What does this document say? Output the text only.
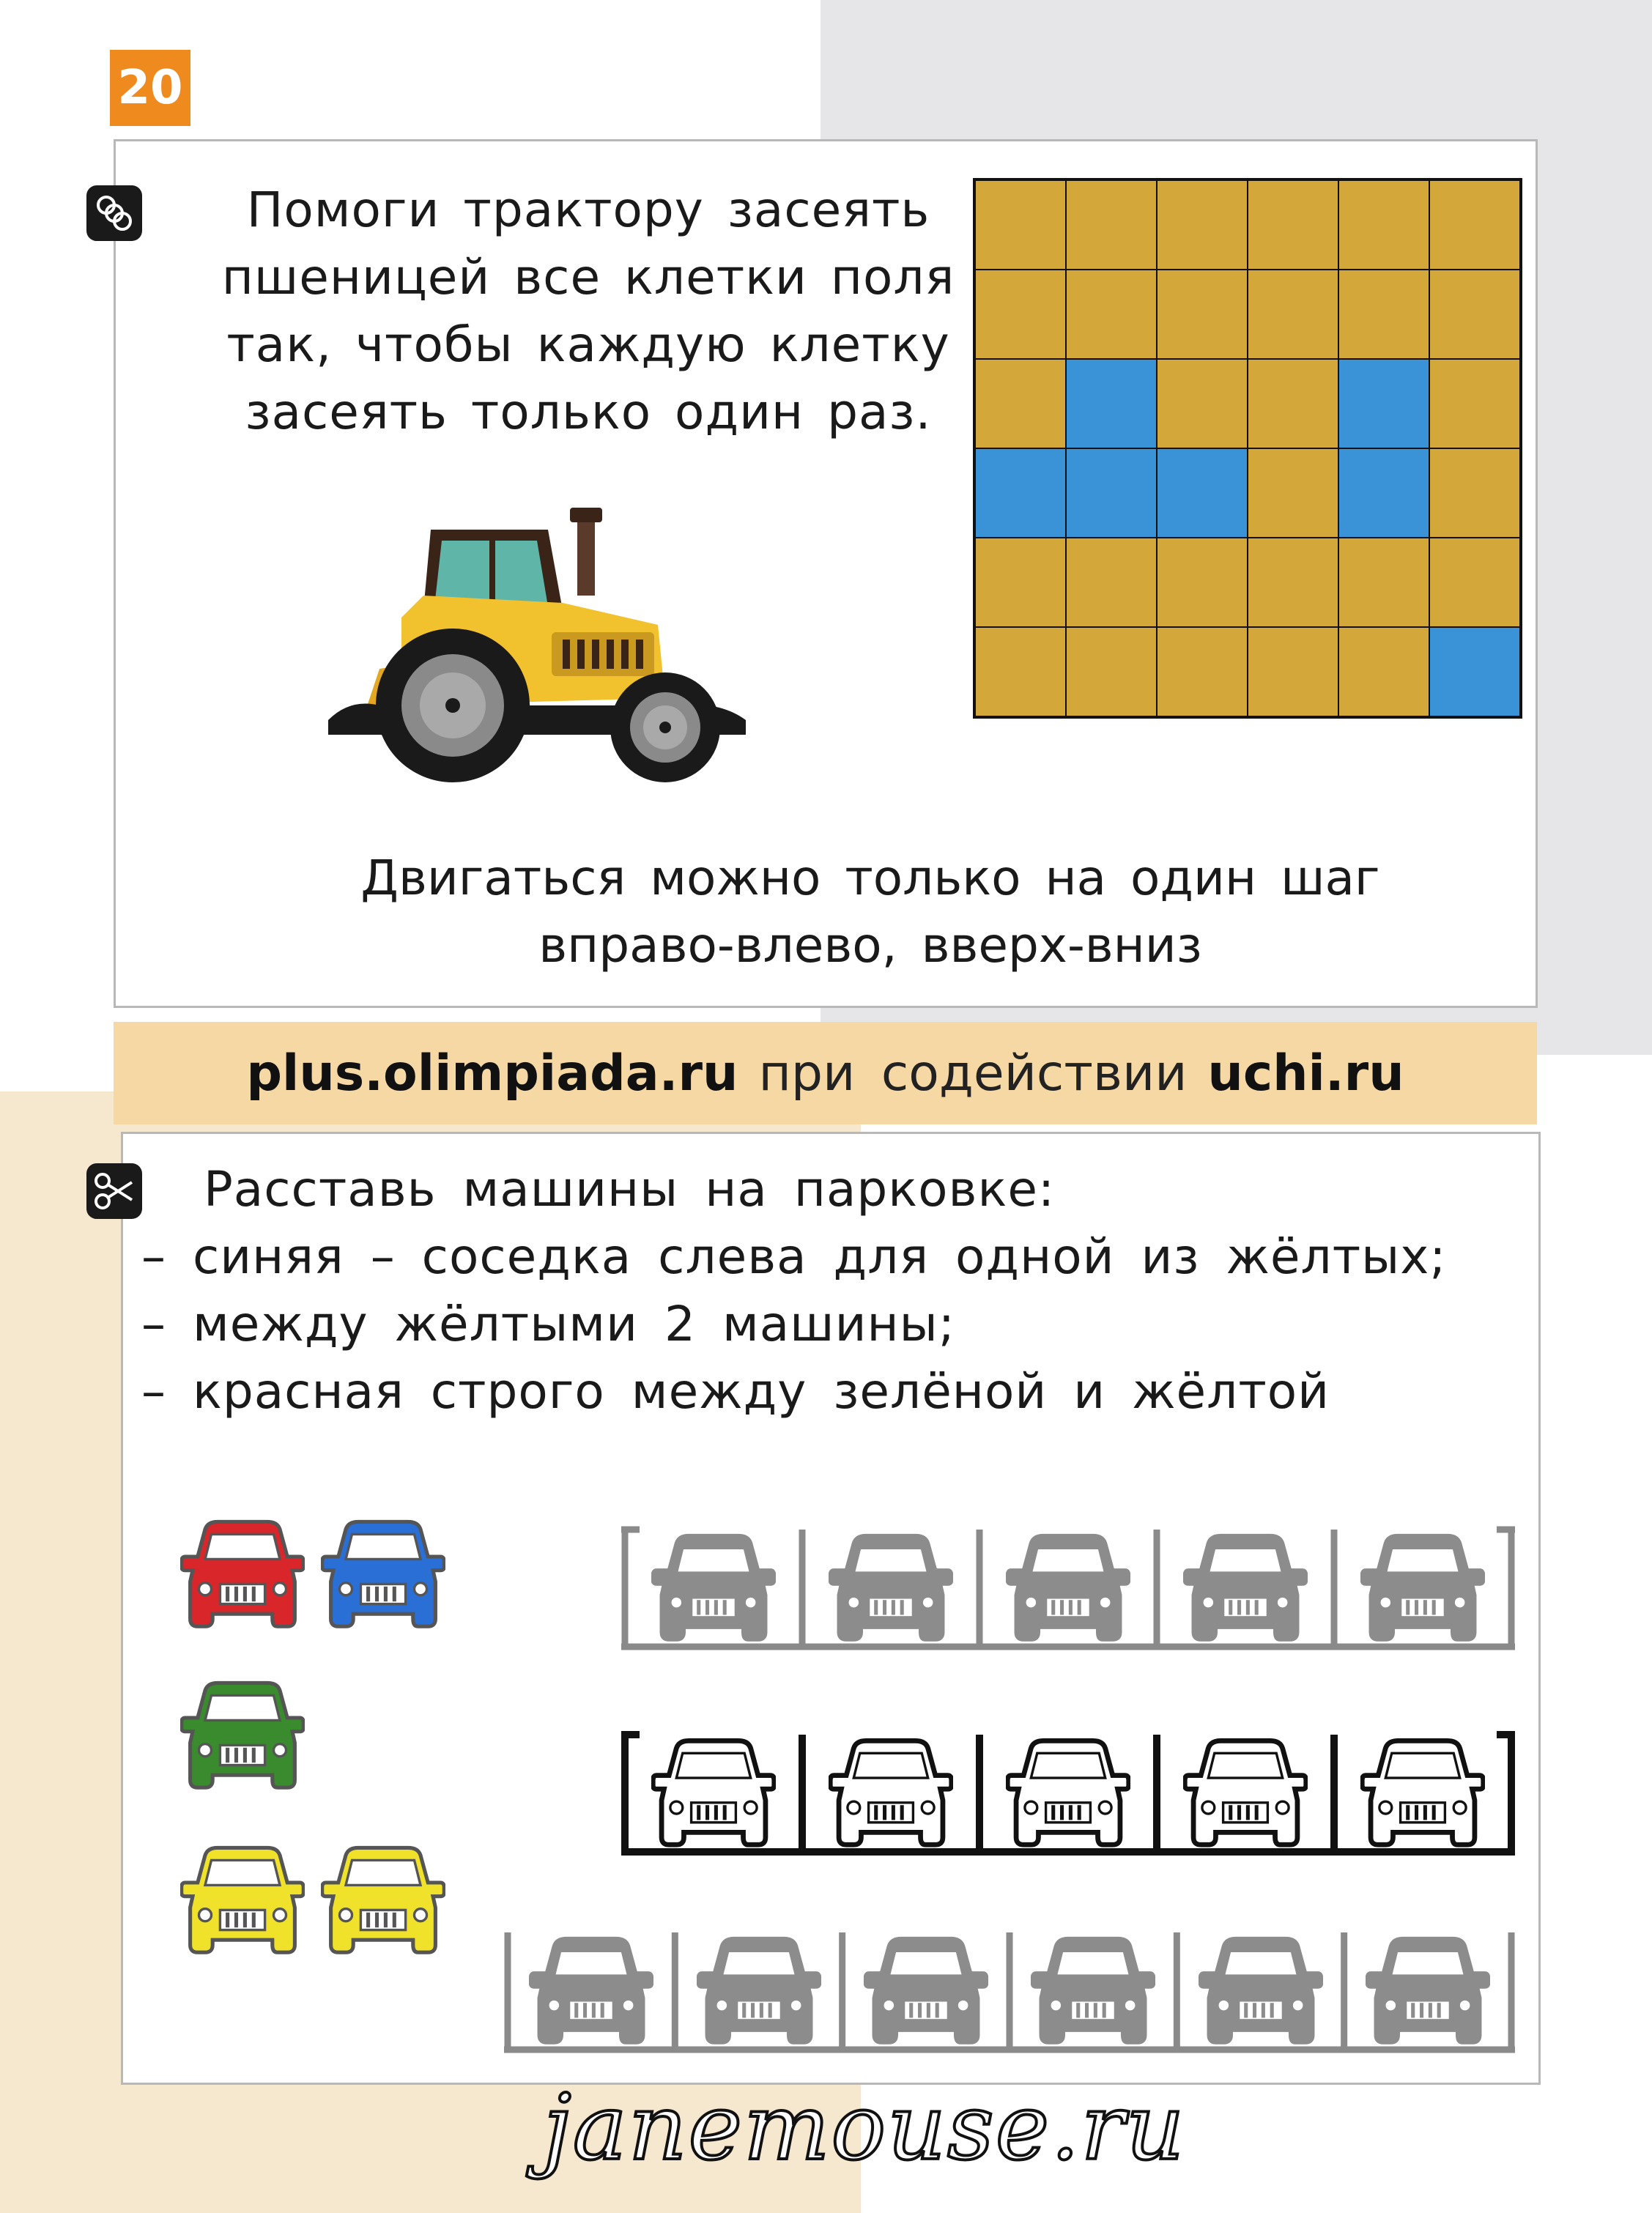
20
Помоги трактору засеять
пшеницей все клетки поля
так, чтобы каждую клетку
засеять только один раз.
Двигаться можно только на один шаг
вправо-влево, вверх-вниз
plus.olimpiada.ru при содействии uchi.ru
Расставь машины на парковке:
– синяя – соседка слева для одной из жёлтых;
– между жёлтыми 2 машины;
– красная строго между зелёной и жёлтой
janemouse.ru
